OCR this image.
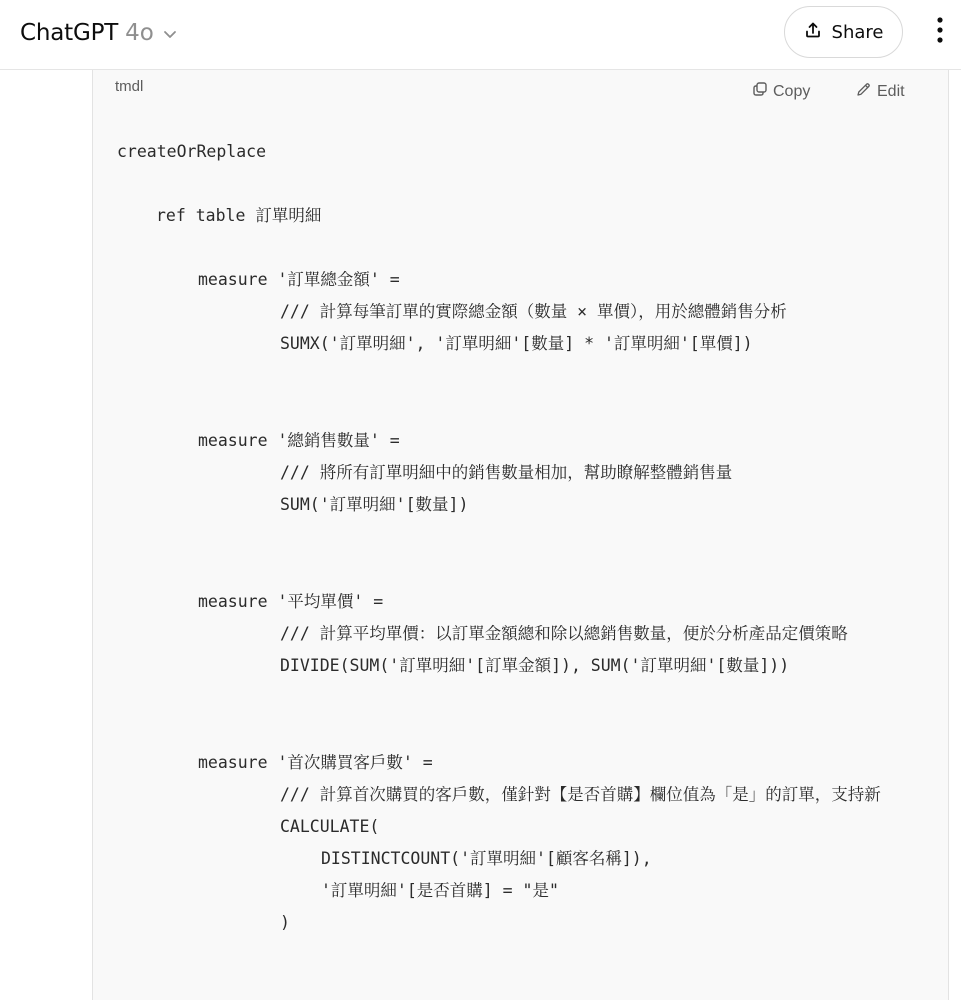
ChatGPT 4o	Share
tmdl	Copy	Edit
createOrReplace
ref table 訂單明細
measure '訂單總金額' =
/// 計算每筆訂單的實際總金額（數量 × 單價），用於總體銷售分析
SUMX('訂單明細', '訂單明細'[數量] * '訂單明細'[單價])
measure '總銷售數量' =
/// 將所有訂單明細中的銷售數量相加，幫助瞭解整體銷售量
SUM('訂單明細'[數量])
measure '平均單價' =
/// 計算平均單價：以訂單金額總和除以總銷售數量，便於分析產品定價策略
DIVIDE(SUM('訂單明細'[訂單金額]), SUM('訂單明細'[數量]))
measure '首次購買客戶數' =
/// 計算首次購買的客戶數，僅針對【是否首購】欄位值為「是」的訂單，支持新
CALCULATE(
DISTINCTCOUNT('訂單明細'[顧客名稱]),
'訂單明細'[是否首購] = "是"
)
